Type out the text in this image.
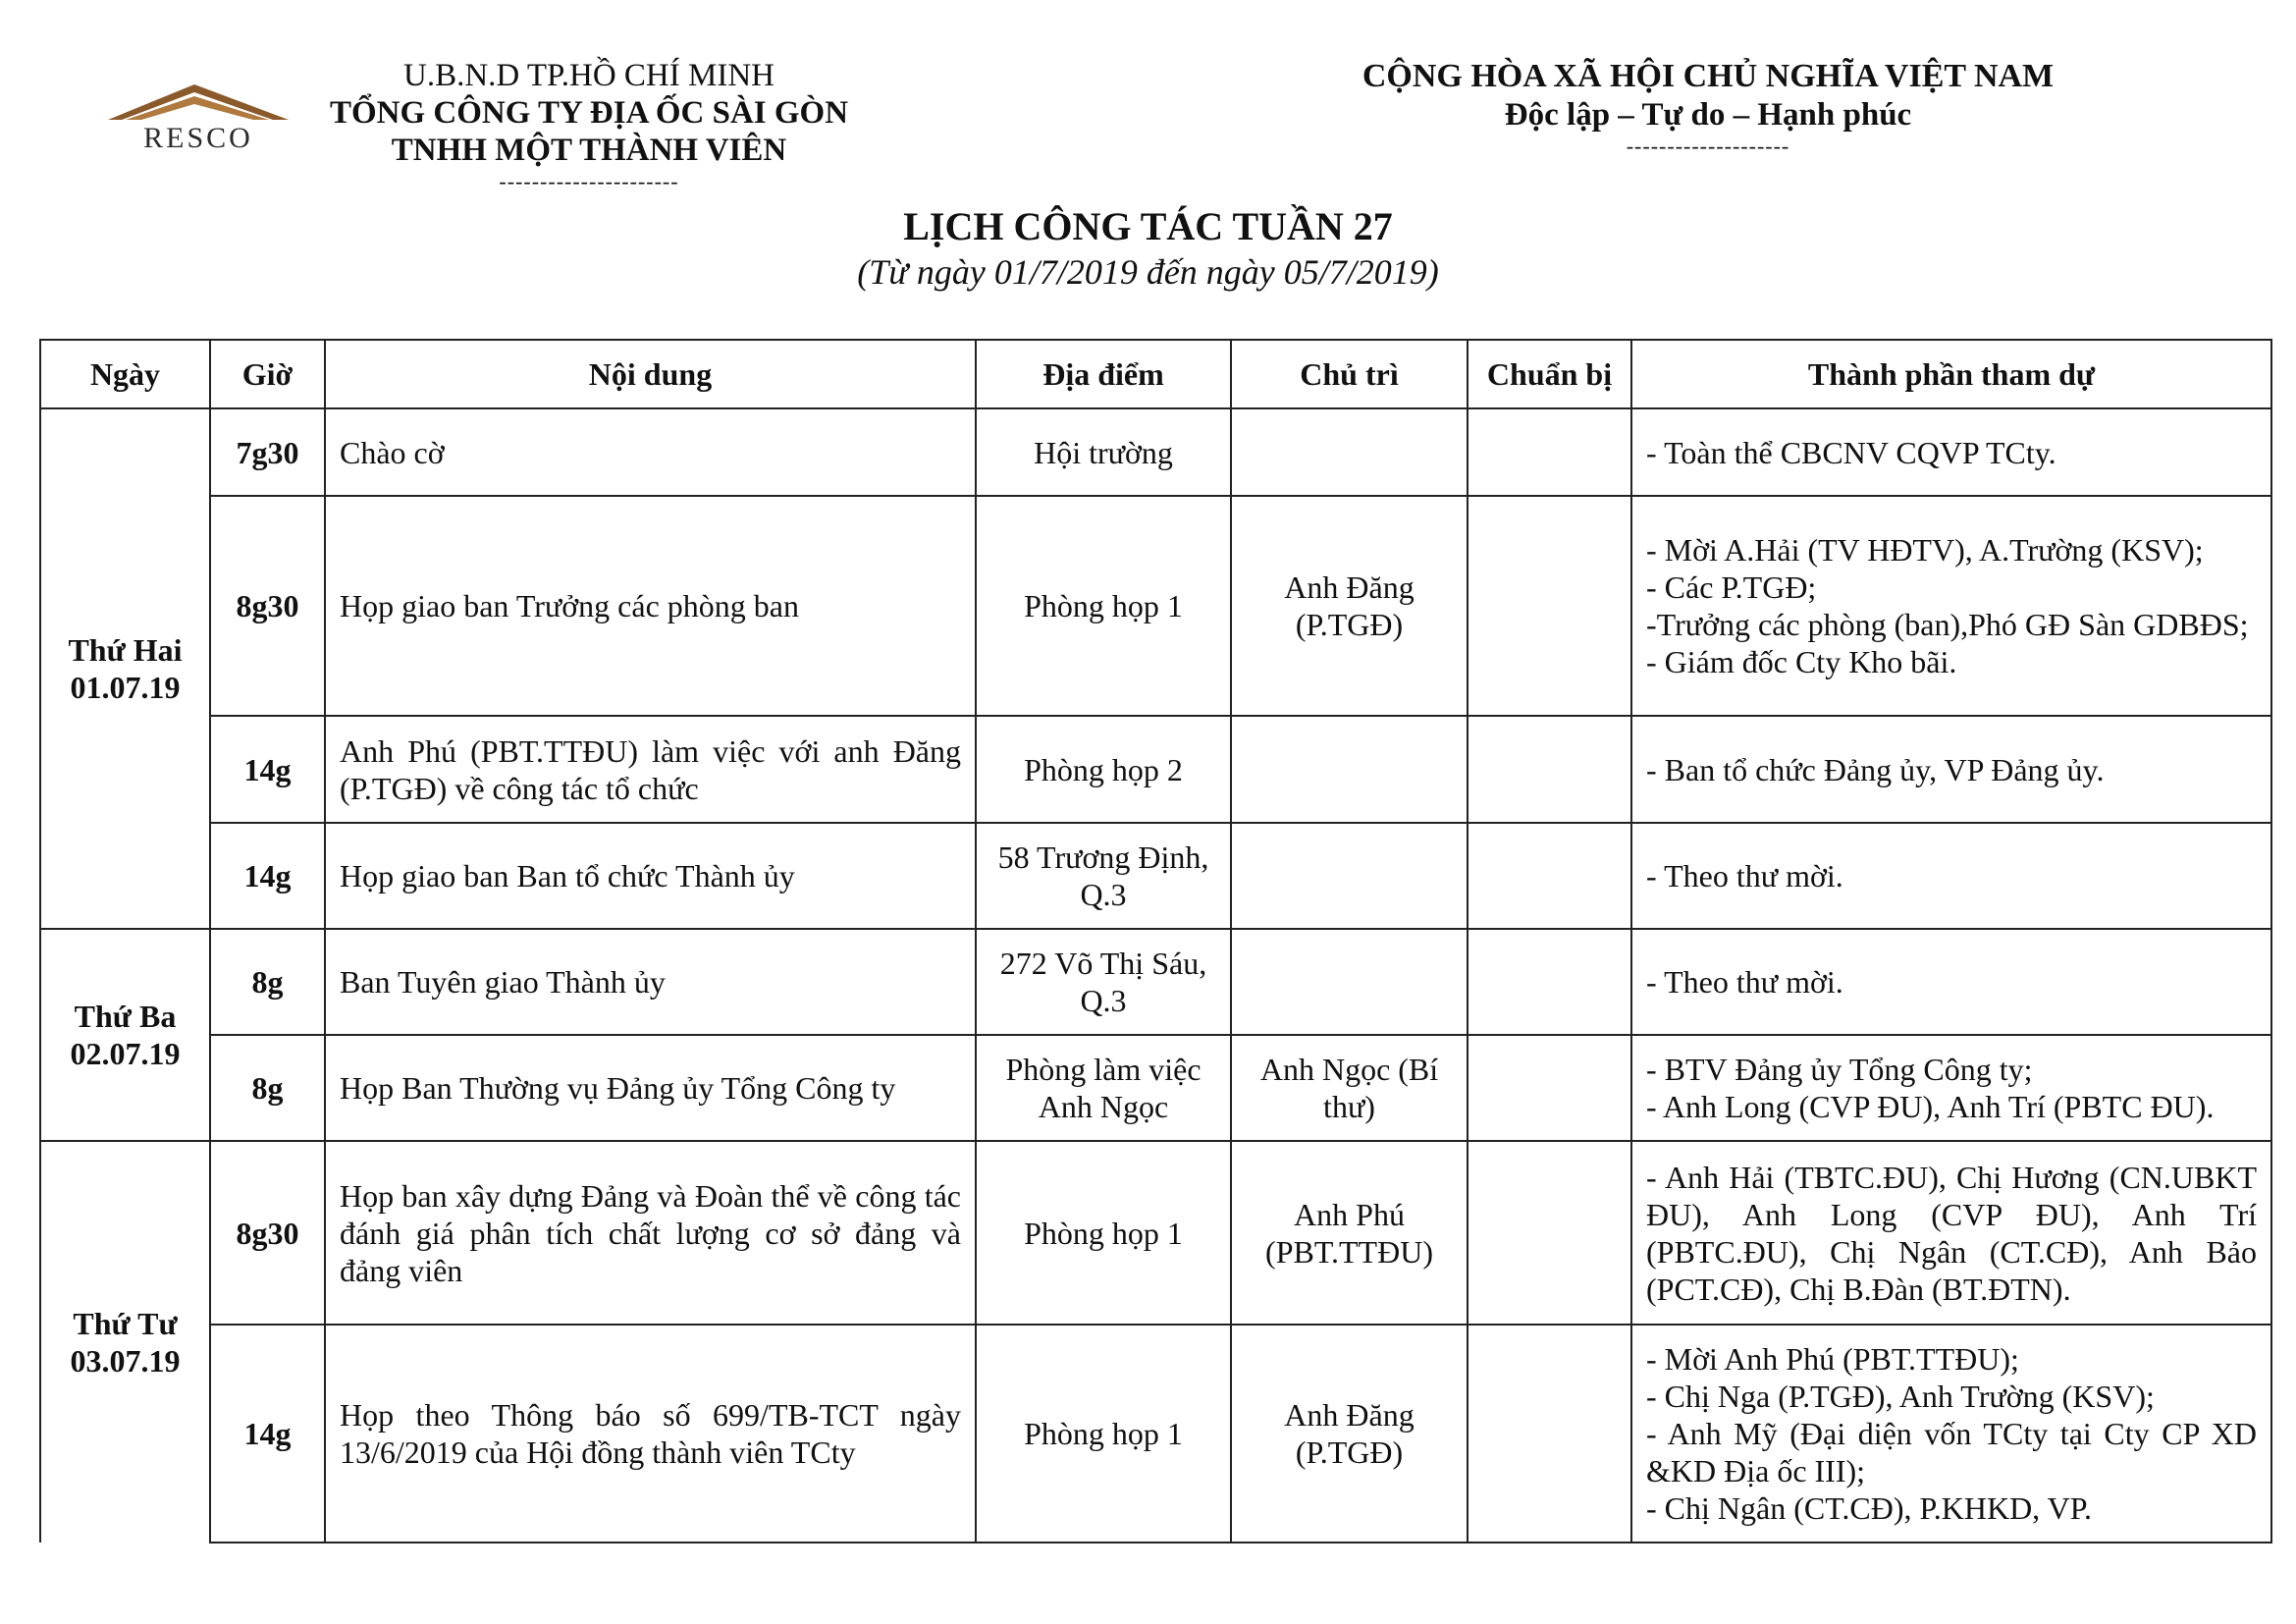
RESCO
U.B.N.D TP.HỒ CHÍ MINH
TỔNG CÔNG TY ĐỊA ỐC SÀI GÒN
TNHH MỘT THÀNH VIÊN
----------------------
CỘNG HÒA XÃ HỘI CHỦ NGHĨA VIỆT NAM
Độc lập – Tự do – Hạnh phúc
--------------------
LỊCH CÔNG TÁC TUẦN 27
(Từ ngày 01/7/2019 đến ngày 05/7/2019)
Ngày	Giờ	Nội dung	Địa điểm	Chủ trì	Chuẩn bị	Thành phần tham dự

Thứ Hai
01.07.19	7g30	Chào cờ	Hội trường			- Toàn thể CBCNV CQVP TCty.

	8g30	Họp giao ban Trưởng các phòng ban	Phòng họp 1	Anh Đăng (P.TGĐ)		- Mời A.Hải (TV HĐTV), A.Trường (KSV);
- Các P.TGĐ;
-Trưởng các phòng (ban),Phó GĐ Sàn GDBĐS;
- Giám đốc Cty Kho bãi.

	14g	Anh Phú (PBT.TTĐU) làm việc với anh Đăng (P.TGĐ) về công tác tổ chức	Phòng họp 2			- Ban tổ chức Đảng ủy, VP Đảng ủy.

	14g	Họp giao ban Ban tổ chức Thành ủy	58 Trương Định, Q.3			- Theo thư mời.

Thứ Ba
02.07.19	8g	Ban Tuyên giao Thành ủy	272 Võ Thị Sáu, Q.3			- Theo thư mời.

	8g	Họp Ban Thường vụ Đảng ủy Tổng Công ty	Phòng làm việc Anh Ngọc	Anh Ngọc (Bí thư)		- BTV Đảng ủy Tổng Công ty;
- Anh Long (CVP ĐU), Anh Trí (PBTC ĐU).

Thứ Tư
03.07.19	8g30	Họp ban xây dựng Đảng và Đoàn thể về công tác đánh giá phân tích chất lượng cơ sở đảng và đảng viên	Phòng họp 1	Anh Phú (PBT.TTĐU)		- Anh Hải (TBTC.ĐU), Chị Hương (CN.UBKT ĐU), Anh Long (CVP ĐU), Anh Trí (PBTC.ĐU), Chị Ngân (CT.CĐ), Anh Bảo (PCT.CĐ), Chị B.Đàn (BT.ĐTN).

	14g	Họp theo Thông báo số 699/TB-TCT ngày 13/6/2019 của Hội đồng thành viên TCty	Phòng họp 1	Anh Đăng (P.TGĐ)		- Mời Anh Phú (PBT.TTĐU);
- Chị Nga (P.TGĐ), Anh Trường (KSV);
- Anh Mỹ (Đại diện vốn TCty tại Cty CP XD &KD Địa ốc III);
- Chị Ngân (CT.CĐ), P.KHKD, VP.
